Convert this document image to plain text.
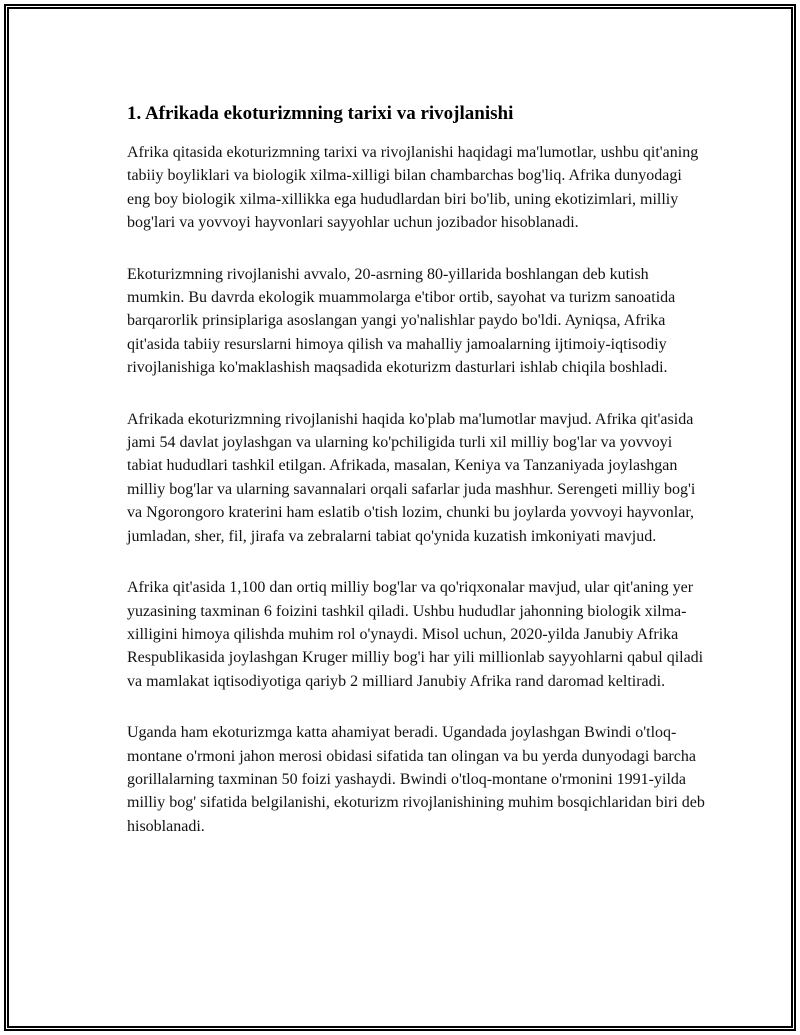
1. Afrikada ekoturizmning tarixi va rivojlanishi

Afrika qitasida ekoturizmning tarixi va rivojlanishi haqidagi ma'lumotlar, ushbu qit'aning tabiiy boyliklari va biologik xilma-xilligi bilan chambarchas bog'liq. Afrika dunyodagi eng boy biologik xilma-xillikka ega hududlardan biri bo'lib, uning ekotizimlari, milliy bog'lari va yovvoyi hayvonlari sayyohlar uchun jozibador hisoblanadi.

Ekoturizmning rivojlanishi avvalo, 20-asrning 80-yillarida boshlangan deb kutish mumkin. Bu davrda ekologik muammolarga e'tibor ortib, sayohat va turizm sanoatida barqarorlik prinsiplariga asoslangan yangi yo'nalishlar paydo bo'ldi. Ayniqsa, Afrika qit'asida tabiiy resurslarni himoya qilish va mahalliy jamoalarning ijtimoiy-iqtisodiy rivojlanishiga ko'maklashish maqsadida ekoturizm dasturlari ishlab chiqila boshladi.

Afrikada ekoturizmning rivojlanishi haqida ko'plab ma'lumotlar mavjud. Afrika qit'asida jami 54 davlat joylashgan va ularning ko'pchiligida turli xil milliy bog'lar va yovvoyi tabiat hududlari tashkil etilgan. Afrikada, masalan, Keniya va Tanzaniyada joylashgan milliy bog'lar va ularning savannalari orqali safarlar juda mashhur. Serengeti milliy bog'i va Ngorongoro kraterini ham eslatib o'tish lozim, chunki bu joylarda yovvoyi hayvonlar, jumladan, sher, fil, jirafa va zebralarni tabiat qo'ynida kuzatish imkoniyati mavjud.

Afrika qit'asida 1,100 dan ortiq milliy bog'lar va qo'riqxonalar mavjud, ular qit'aning yer yuzasining taxminan 6 foizini tashkil qiladi. Ushbu hududlar jahonning biologik xilma-xilligini himoya qilishda muhim rol o'ynaydi. Misol uchun, 2020-yilda Janubiy Afrika Respublikasida joylashgan Kruger milliy bog'i har yili millionlab sayyohlarni qabul qiladi va mamlakat iqtisodiyotiga qariyb 2 milliard Janubiy Afrika rand daromad keltiradi.

Uganda ham ekoturizmga katta ahamiyat beradi. Ugandada joylashgan Bwindi o'tloq-montane o'rmoni jahon merosi obidasi sifatida tan olingan va bu yerda dunyodagi barcha gorillalarning taxminan 50 foizi yashaydi. Bwindi o'tloq-montane o'rmonini 1991-yilda milliy bog' sifatida belgilanishi, ekoturizm rivojlanishining muhim bosqichlaridan biri deb hisoblanadi.
